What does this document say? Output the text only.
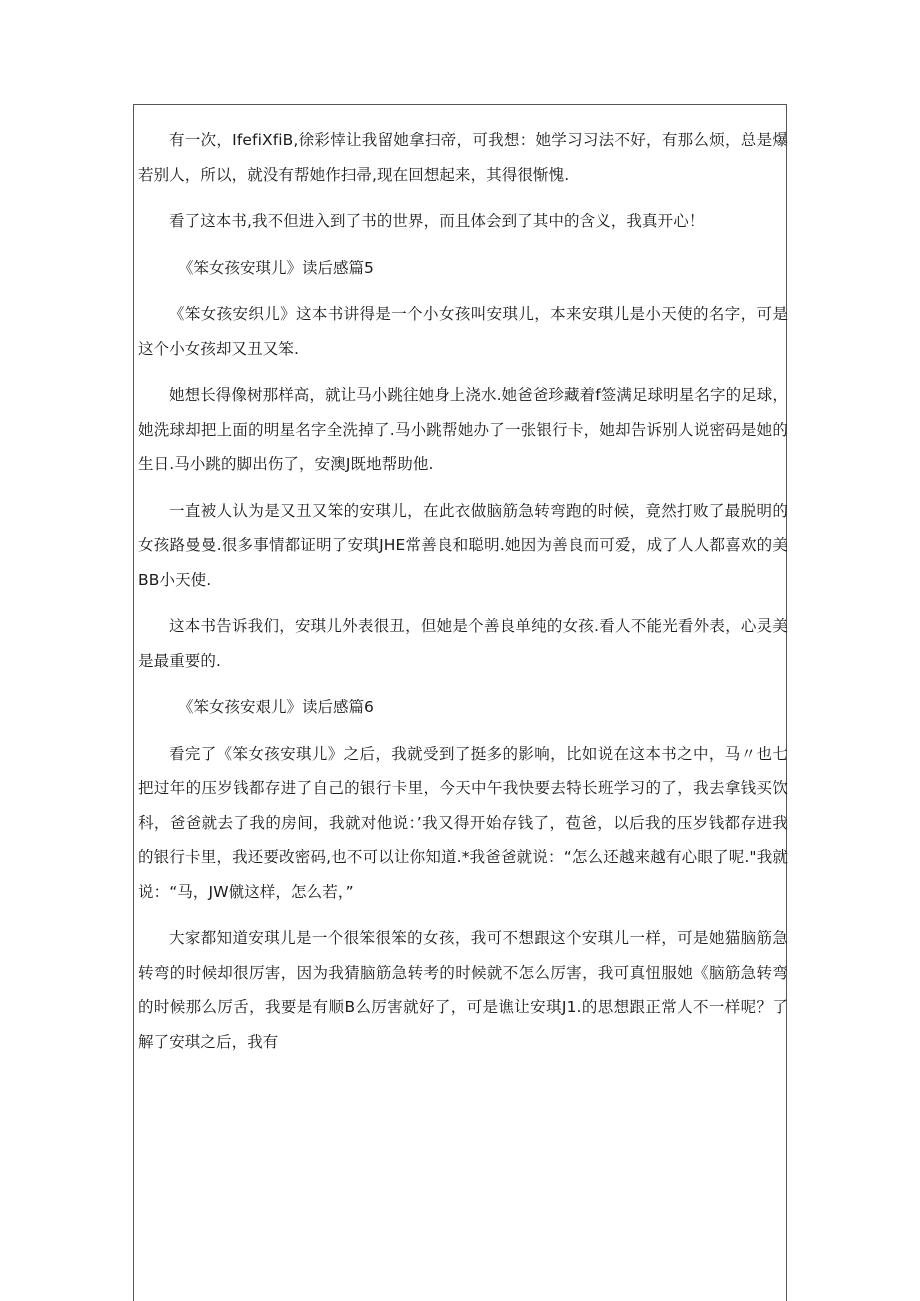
有一次，IfefiXfiB,徐彩悻让我留她拿扫帝，可我想：她学习习法不好，有那么烦，总是爆若别人，所以，就没有帮她作扫帚,现在回想起来，其得很惭愧.

看了这本书,我不但进入到了书的世界，而且体会到了其中的含义，我真开心！

《笨女孩安琪儿》读后感篇5

《笨女孩安织儿》这本书讲得是一个小女孩叫安琪儿，本来安琪儿是小天使的名字，可是这个小女孩却又丑又笨.

她想长得像树那样高，就让马小跳往她身上浇水.她爸爸珍藏着f签满足球明星名字的足球，她洗球却把上面的明星名字全洗掉了.马小跳帮她办了一张银行卡，她却告诉别人说密码是她的生日.马小跳的脚出伤了，安澳J既地帮助他.

一直被人认为是又丑又笨的安琪儿，在此衣做脑筋急转弯跑的时候，竟然打败了最脱明的女孩路曼曼.很多事情都证明了安琪JHE常善良和聪明.她因为善良而可爱，成了人人都喜欢的美BB小天使.

这本书告诉我们，安琪儿外表很丑，但她是个善良单纯的女孩.看人不能光看外表，心灵美是最重要的.

《笨女孩安艰儿》读后感篇6

看完了《笨女孩安琪儿》之后，我就受到了挺多的影响，比如说在这本书之中，马〃也七把过年的压岁钱都存进了自己的银行卡里，今天中午我快要去特长班学习的了，我去拿钱买饮科，爸爸就去了我的房间，我就对他说：’我又得开始存钱了，苞爸，以后我的压岁钱都存进我的银行卡里，我还要改密码,也不可以让你知道.*我爸爸就说：“怎么还越来越有心眼了呢."我就说：“马，JW僦这样，怎么若，”

大家都知道安琪儿是一个很笨很笨的女孩，我可不想跟这个安琪儿一样，可是她猫脑筋急转弯的时候却很厉害，因为我猜脑筋急转考的时候就不怎么厉害，我可真忸服她《脑筋急转弯的时候那么厉舌，我要是有顺B么厉害就好了，可是谯让安琪J1.的思想跟正常人不一样呢？了解了安琪之后，我有
